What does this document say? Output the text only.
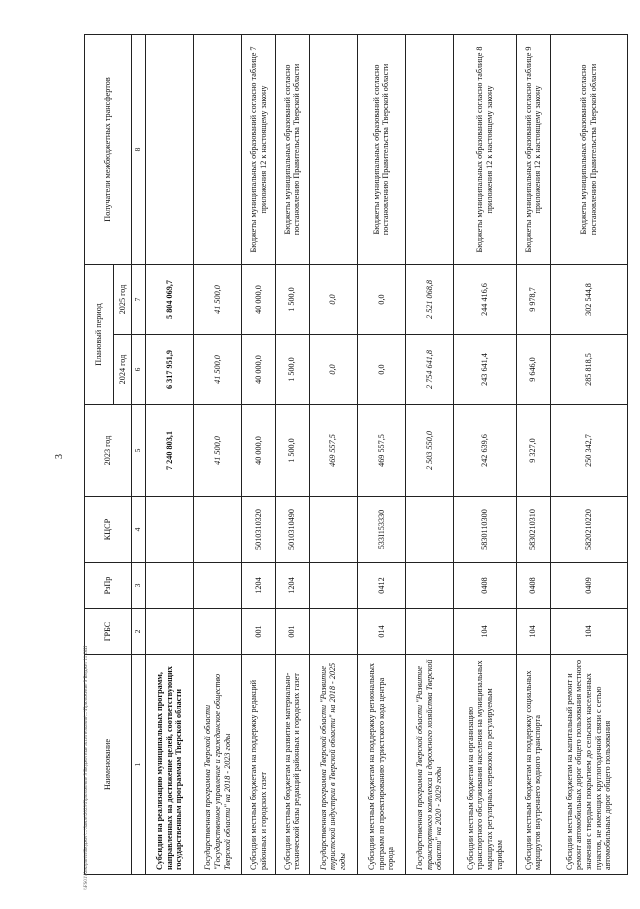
3
Наименование	ГРБС	РзПр	КЦСР	2023 год	Плановый период		Получатели межбюджетных трансфертов
					2024 год	2025 год	
1	2	3	4	5	6	7	8
Субсидии на реализацию муниципальных программ, направленных на достижение целей, соответствующих государственным программам Тверской области				7 240 803,1	6 317 951,9	5 804 069,7	
Государственная программа Тверской области "Государственное управление и гражданское общество Тверской области" на 2018 - 2023 годы				41 500,0	41 500,0	41 500,0	
Субсидии местным бюджетам на поддержку редакций районных и городских газет	001	1204	5010310320	40 000,0	40 000,0	40 000,0	Бюджеты муниципальных образований согласно таблице 7 приложения 12 к настоящему закону
Субсидии местным бюджетам на развитие материально-технической базы редакций районных и городских газет	001	1204	5010310490	1 500,0	1 500,0	1 500,0	Бюджеты муниципальных образований согласно постановлению Правительства Тверской области
Государственная программа Тверской области "Развитие туристской индустрии в Тверской области" на 2018 - 2025 годы				469 557,5	0,0	0,0	
Субсидии местным бюджетам на поддержку региональных программ по проектированию туристского кода центра города	014	0412	533I153330	469 557,5	0,0	0,0	Бюджеты муниципальных образований согласно постановлению Правительства Тверской области
Государственная программа Тверской области "Развитие транспортного комплекса и дорожного хозяйства Тверской области" на 2020 - 2029 годы				2 503 550,0	2 754 641,8	2 521 068,8	
Субсидии местным бюджетам на организацию транспортного обслуживания населения на муниципальных маршрутах регулярных перевозок по регулируемым тарифам	104	0408	5830110300	242 639,6	243 641,4	244 416,6	Бюджеты муниципальных образований согласно таблице 8 приложения 12 к настоящему закону
Субсидии местным бюджетам на поддержку социальных маршрутов внутреннего водного транспорта	104	0408	5830210310	9 327,0	9 646,0	9 978,7	Бюджеты муниципальных образований согласно таблице 9 приложения 12 к настоящему закону
Субсидии местным бюджетам на капитальный ремонт и ремонт автомобильных дорог общего пользования местного значения с твердым покрытием до сельских населенных пунктов, не имеющих круглогодичной связи с сетью автомобильных дорог общего пользования	104	0409	5820210220	250 342,7	285 818,5	302 544,8	Бюджеты муниципальных образований согласно постановлению Правительства Тверской области
\\FS01\Кокорин\и\Бюджет\...\Закон\2023\Приложение 9 Бюджетные ассигнования\...\Приложение 9 Бюджет 11 ОШ
